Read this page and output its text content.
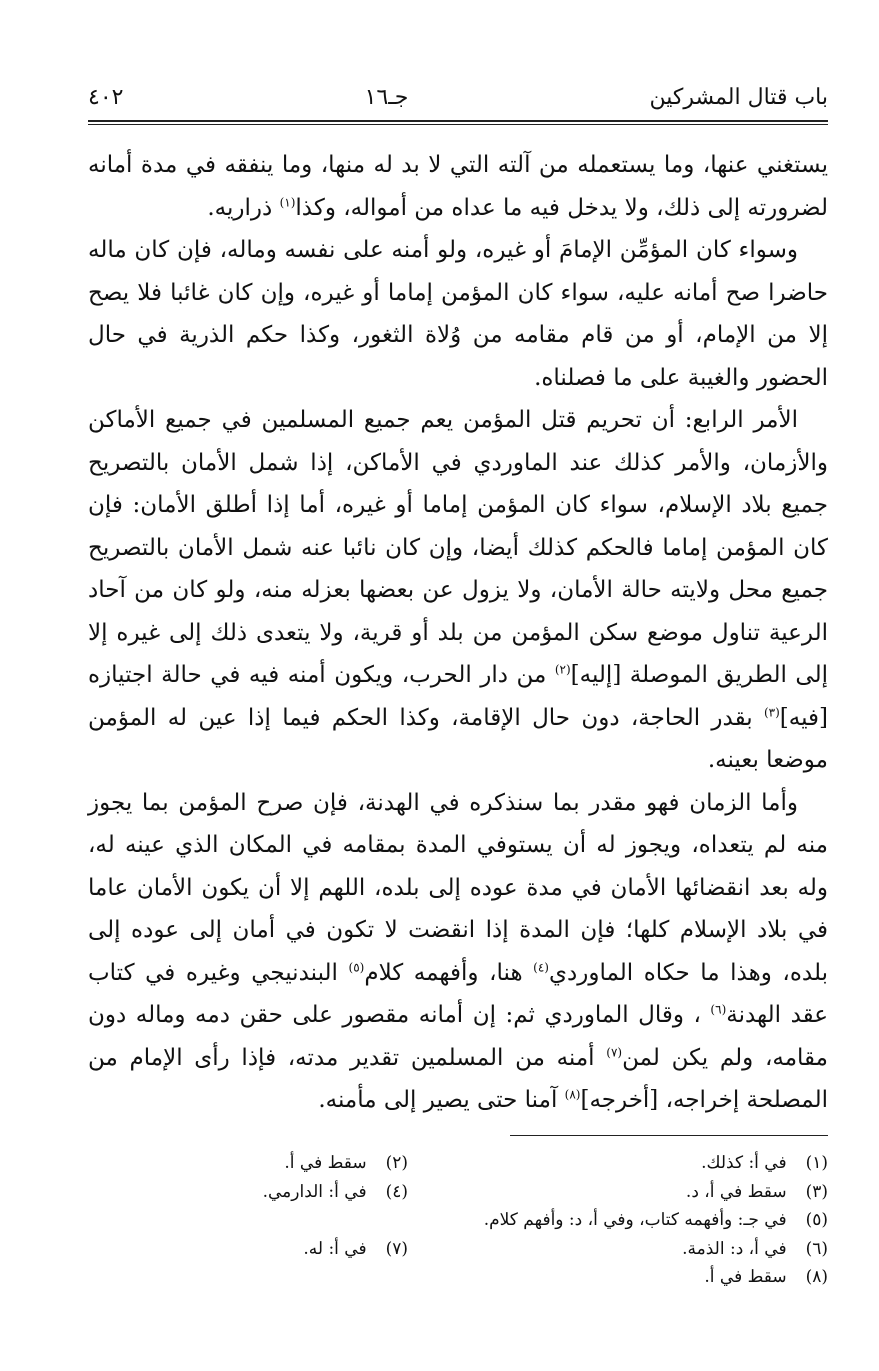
باب قتال المشركين
جـ١٦
٤٠٢

يستغني عنها، وما يستعمله من آلته التي لا بد له منها، وما ينفقه في مدة أمانه لضرورته إلى ذلك، ولا يدخل فيه ما عداه من أمواله، وكذا$^{(١)}$ ذراريه.

وسواء كان المؤمِّن الإمامَ أو غيره، ولو أمنه على نفسه وماله، فإن كان ماله حاضرا صح أمانه عليه، سواء كان المؤمن إماما أو غيره، وإن كان غائبا فلا يصح إلا من الإمام، أو من قام مقامه من وُلاة الثغور، وكذا حكم الذرية في حال الحضور والغيبة على ما فصلناه.

الأمر الرابع: أن تحريم قتل المؤمن يعم جميع المسلمين في جميع الأماكن والأزمان، والأمر كذلك عند الماوردي في الأماكن، إذا شمل الأمان بالتصريح جميع بلاد الإسلام، سواء كان المؤمن إماما أو غيره، أما إذا أطلق الأمان: فإن كان المؤمن إماما فالحكم كذلك أيضا، وإن كان نائبا عنه شمل الأمان بالتصريح جميع محل ولايته حالة الأمان، ولا يزول عن بعضها بعزله منه، ولو كان من آحاد الرعية تناول موضع سكن المؤمن من بلد أو قرية، ولا يتعدى ذلك إلى غيره إلا إلى الطريق الموصلة [إليه]$^{(٢)}$ من دار الحرب، ويكون أمنه فيه في حالة اجتيازه [فيه]$^{(٣)}$ بقدر الحاجة، دون حال الإقامة، وكذا الحكم فيما إذا عين له المؤمن موضعا بعينه.

وأما الزمان فهو مقدر بما سنذكره في الهدنة، فإن صرح المؤمن بما يجوز منه لم يتعداه، ويجوز له أن يستوفي المدة بمقامه في المكان الذي عينه له، وله بعد انقضائها الأمان في مدة عوده إلى بلده، اللهم إلا أن يكون الأمان عاما في بلاد الإسلام كلها؛ فإن المدة إذا انقضت لا تكون في أمان إلى عوده إلى بلده، وهذا ما حكاه الماوردي$^{(٤)}$ هنا، وأفهمه كلام$^{(٥)}$ البندنيجي وغيره في كتاب عقد الهدنة$^{(٦)}$ ، وقال الماوردي ثم: إن أمانه مقصور على حقن دمه وماله دون مقامه، ولم يكن لمن$^{(٧)}$ أمنه من المسلمين تقدير مدته، فإذا رأى الإمام من المصلحة إخراجه، [أخرجه]$^{(٨)}$ آمنا حتى يصير إلى مأمنه.

(١) في أ: كذلك.
(٢) سقط في أ.
(٣) سقط في أ، د.
(٤) في أ: الدارمي.
(٥) في جـ: وأفهمه كتاب، وفي أ، د: وأفهم كلام.
(٦) في أ، د: الذمة.
(٧) في أ: له.
(٨) سقط في أ.
